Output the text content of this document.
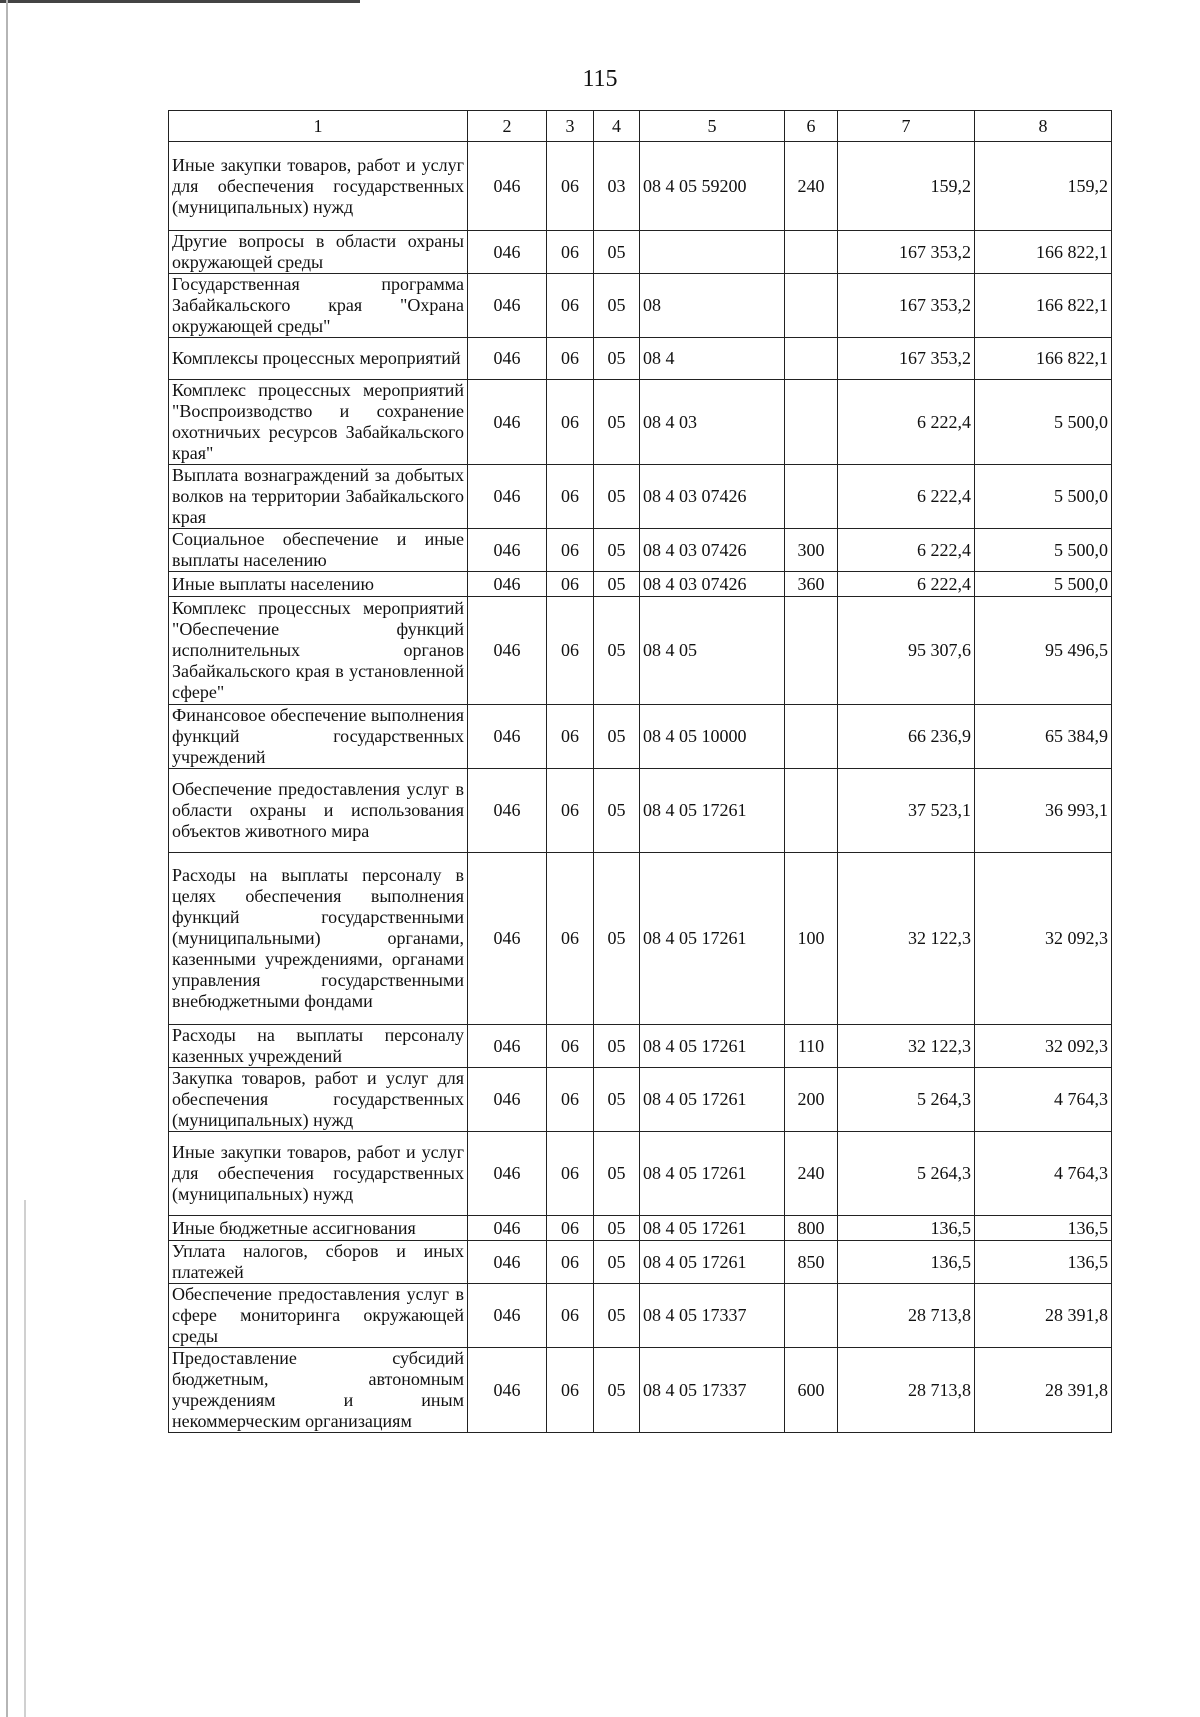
115
1	2	3	4	5	6	7	8
Иные закупки товаров, работ и услуг для обеспечения государственных (муниципальных) нужд	046	06	03	08 4 05 59200	240	159,2	159,2
Другие вопросы в области охраны окружающей среды	046	06	05			167 353,2	166 822,1
Государственная программа Забайкальского края "Охрана окружающей среды"	046	06	05	08		167 353,2	166 822,1
Комплексы процессных мероприятий	046	06	05	08 4		167 353,2	166 822,1
Комплекс процессных мероприятий "Воспроизводство и сохранение охотничьих ресурсов Забайкальского края"	046	06	05	08 4 03		6 222,4	5 500,0
Выплата вознаграждений за добытых волков на территории Забайкальского края	046	06	05	08 4 03 07426		6 222,4	5 500,0
Социальное обеспечение и иные выплаты населению	046	06	05	08 4 03 07426	300	6 222,4	5 500,0
Иные выплаты населению	046	06	05	08 4 03 07426	360	6 222,4	5 500,0
Комплекс процессных мероприятий "Обеспечение функций исполнительных органов Забайкальского края в установленной сфере"	046	06	05	08 4 05		95 307,6	95 496,5
Финансовое обеспечение выполнения функций государственных учреждений	046	06	05	08 4 05 10000		66 236,9	65 384,9
Обеспечение предоставления услуг в области охраны и использования объектов животного мира	046	06	05	08 4 05 17261		37 523,1	36 993,1
Расходы на выплаты персоналу в целях обеспечения выполнения функций государственными (муниципальными) органами, казенными учреждениями, органами управления государственными внебюджетными фондами	046	06	05	08 4 05 17261	100	32 122,3	32 092,3
Расходы на выплаты персоналу казенных учреждений	046	06	05	08 4 05 17261	110	32 122,3	32 092,3
Закупка товаров, работ и услуг для обеспечения государственных (муниципальных) нужд	046	06	05	08 4 05 17261	200	5 264,3	4 764,3
Иные закупки товаров, работ и услуг для обеспечения государственных (муниципальных) нужд	046	06	05	08 4 05 17261	240	5 264,3	4 764,3
Иные бюджетные ассигнования	046	06	05	08 4 05 17261	800	136,5	136,5
Уплата налогов, сборов и иных платежей	046	06	05	08 4 05 17261	850	136,5	136,5
Обеспечение предоставления услуг в сфере мониторинга окружающей среды	046	06	05	08 4 05 17337		28 713,8	28 391,8
Предоставление субсидий бюджетным, автономным учреждениям и иным некоммерческим организациям	046	06	05	08 4 05 17337	600	28 713,8	28 391,8
